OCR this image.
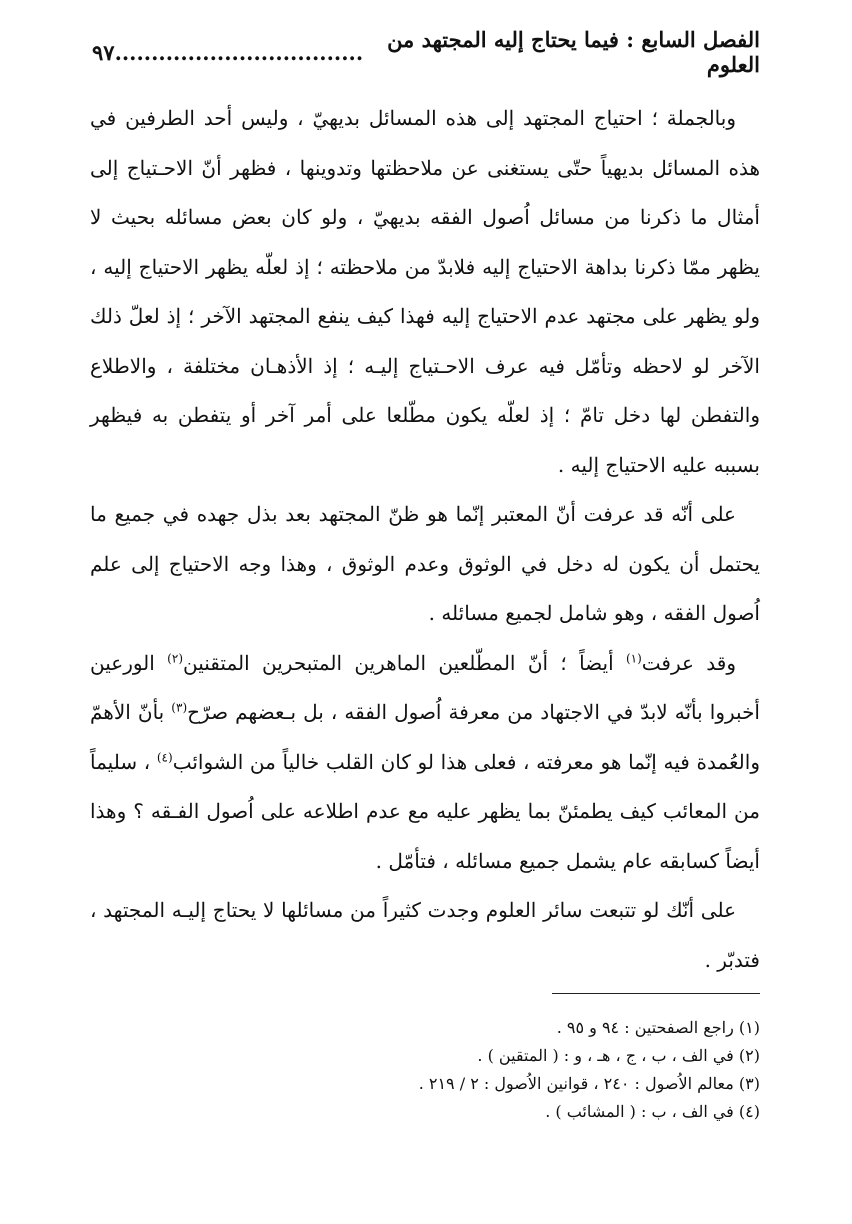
الفصل السابع : فيما يحتاج إليه المجتهد من العلوم
..................................٩٧

وبالجملة ؛ احتياج المجتهد إلى هذه المسائل بديهيّ ، وليس أحد الطرفين في هذه المسائل بديهياً حتّى يستغنى عن ملاحظتها وتدوينها ، فظهر أنّ الاحـتياج إلى أمثال ما ذكرنا من مسائل اُصول الفقه بديهيّ ، ولو كان بعض مسائله بحيث لا يظهر ممّا ذكرنا بداهة الاحتياج إليه فلابدّ من ملاحظته ؛ إذ لعلّه يظهر الاحتياج إليه ، ولو يظهر على مجتهد عدم الاحتياج إليه فهذا كيف ينفع المجتهد الآخر ؛ إذ لعلّ ذلك الآخر لو لاحظه وتأمّل فيه عرف الاحـتياج إليـه ؛ إذ الأذهـان مختلفة ، والاطلاع والتفطن لها دخل تامّ ؛ إذ لعلّه يكون مطّلعا على أمر آخر أو يتفطن به فيظهر بسببه عليه الاحتياج إليه .

على أنّه قد عرفت أنّ المعتبر إنّما هو ظنّ المجتهد بعد بذل جهده في جميع ما يحتمل أن يكون له دخل في الوثوق وعدم الوثوق ، وهذا وجه الاحتياج إلى علم اُصول الفقه ، وهو شامل لجميع مسائله .

وقد عرفت$^{(١)}$ أيضاً ؛ أنّ المطّلعين الماهرين المتبحرين المتقنين$^{(٢)}$ الورعين أخبروا بأنّه لابدّ في الاجتهاد من معرفة اُصول الفقه ، بل بـعضهم صرّح$^{(٣)}$ بأنّ الأهمّ والعُمدة فيه إنّما هو معرفته ، فعلى هذا لو كان القلب خالياً من الشوائب$^{(٤)}$ ، سليماً من المعائب كيف يطمئنّ بما يظهر عليه مع عدم اطلاعه على اُصول الفـقه ؟ وهذا أيضاً كسابقه عام يشمل جميع مسائله ، فتأمّل .

على أنّك لو تتبعت سائر العلوم وجدت كثيراً من مسائلها لا يحتاج إليـه المجتهد ، فتدبّر .

(١) راجع الصفحتين : ٩٤ و ٩٥ .

(٢) في الف ، ب ، ج ، هـ ، و : ( المتقين ) .

(٣) معالم الاُصول : ٢٤٠ ، قوانين الاُصول : ٢ / ٢١٩ .

(٤) في الف ، ب : ( المشائب ) .
